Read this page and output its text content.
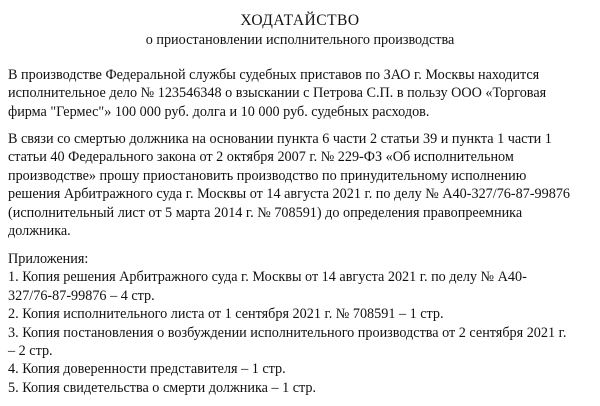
ХОДАТАЙСТВО
о приостановлении исполнительного производства

В производстве Федеральной службы судебных приставов по ЗАО г. Москвы находится
исполнительное дело № 123546348 о взыскании с Петрова С.П. в пользу ООО «Торговая
фирма "Гермес"» 100 000 руб. долга и 10 000 руб. судебных расходов.

В связи со смертью должника на основании пункта 6 части 2 статьи 39 и пункта 1 части 1
статьи 40 Федерального закона от 2 октября 2007 г. № 229-ФЗ «Об исполнительном
производстве» прошу приостановить производство по принудительному исполнению
решения Арбитражного суда г. Москвы от 14 августа 2021 г. по делу № А40-327/76-87-99876
(исполнительный лист от 5 марта 2014 г. № 708591) до определения правопреемника
должника.

Приложения:
1. Копия решения Арбитражного суда г. Москвы от 14 августа 2021 г. по делу № А40-
327/76-87-99876 – 4 стр.
2. Копия исполнительного листа от 1 сентября 2021 г. № 708591 – 1 стр.
3. Копия постановления о возбуждении исполнительного производства от 2 сентября 2021 г.
– 2 стр.
4. Копия доверенности представителя – 1 стр.
5. Копия свидетельства о смерти должника – 1 стр.
